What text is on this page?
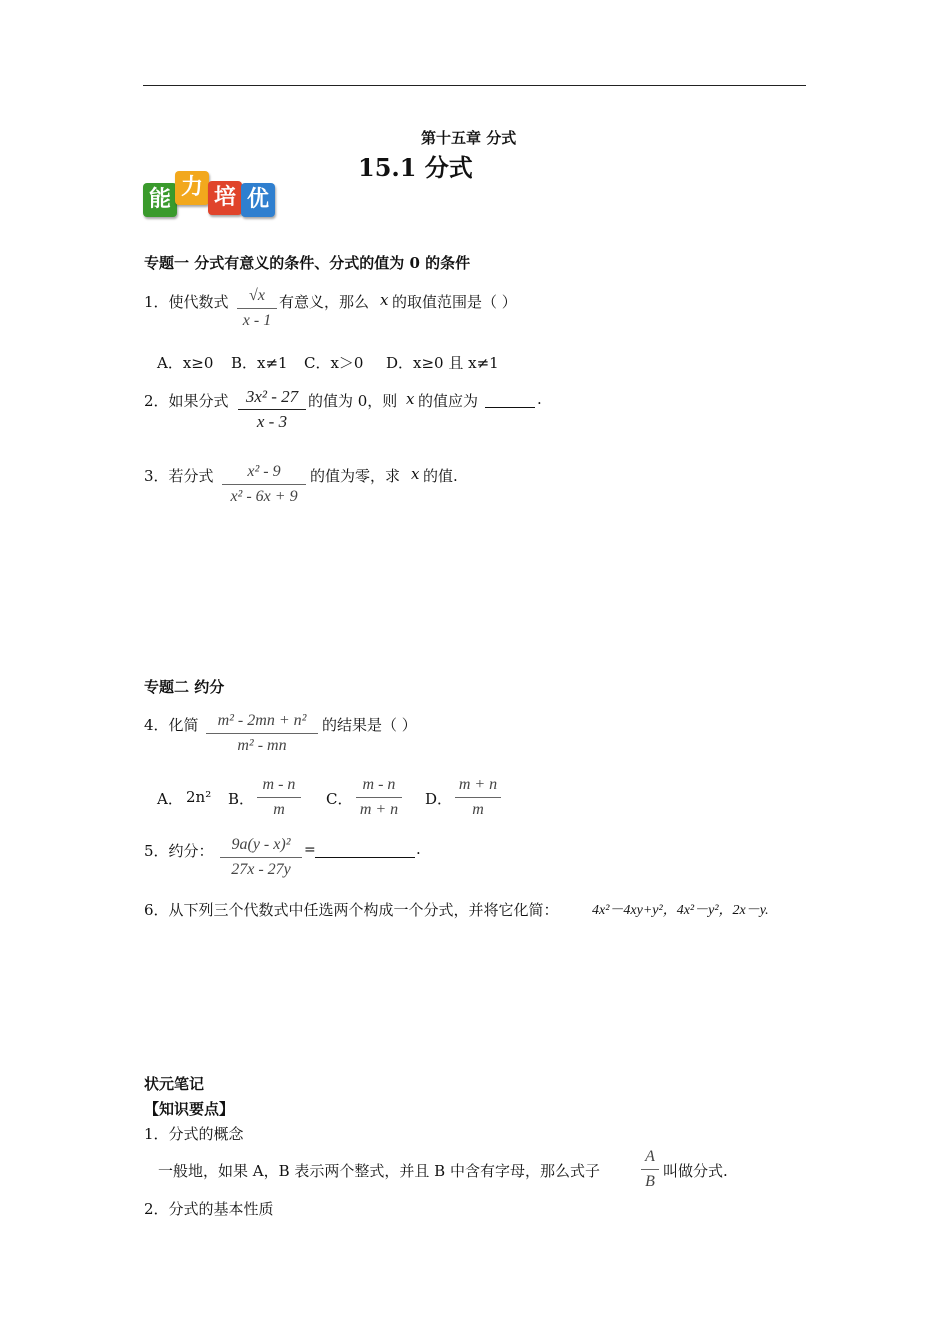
第十五章 分式
15.1 分式
能 力 培 优
专题一 分式有意义的条件、分式的值为 0 的条件
1．使代数式	√x
x - 1
有意义，那么 x 的取值范围是（ ）
A．x≥0 B．x≠1 C．x＞0 D．x≥0 且 x≠1
2．如果分式	3x² - 27
x - 3
的值为 0，则 x 的值应为	.
3．若分式	x² - 9
x² - 6x + 9
的值为零，求 x 的值.
专题二 约分
4．化简	m² - 2mn + n²
m² - mn
的结果是（ ）
A． 2n² B．
m - n
m
C．
m - n
m + n
D．
m + n
m
5．约分：	9a(y - x)²
27x - 27y
=	.
6．从下列三个代数式中任选两个构成一个分式，并将它化简： 4x²－4xy+y²，4x²－y²，2x－y.
状元笔记
【知识要点】
1．分式的概念
一般地，如果 A，B 表示两个整式，并且 B 中含有字母，那么式子
A
B
叫做分式.
2．分式的基本性质
